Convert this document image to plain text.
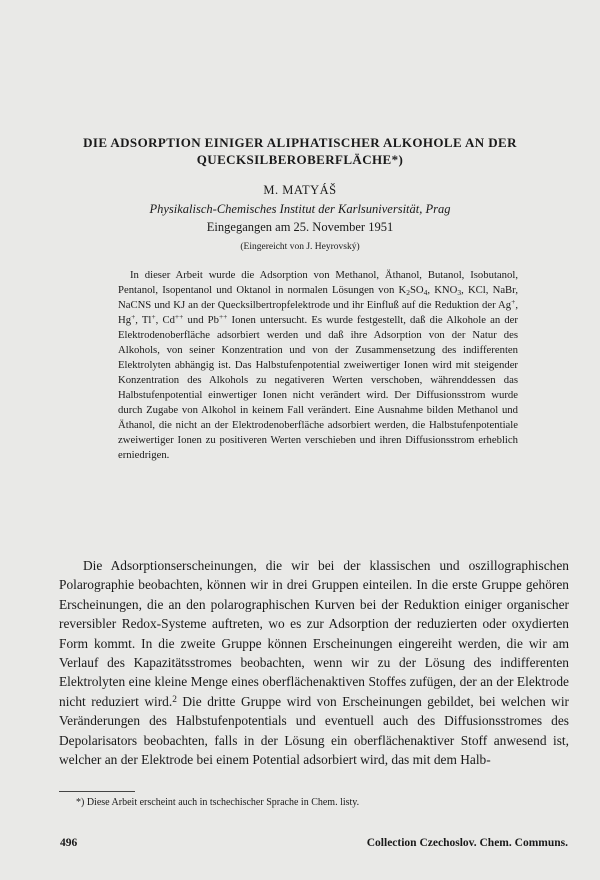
DIE ADSORPTION EINIGER ALIPHATISCHER ALKOHOLE AN DER QUECKSILBEROBERFLÄCHE*)
M. MATYÁŠ
Physikalisch-Chemisches Institut der Karlsuniversität, Prag
Eingegangen am 25. November 1951
(Eingereicht von J. Heyrovský)

In dieser Arbeit wurde die Adsorption von Methanol, Äthanol, Butanol, Isobutanol, Pentanol, Isopentanol und Oktanol in normalen Lösungen von $K_2SO_4$, $KNO_3$, KCl, NaBr, NaCNS und KJ an der Quecksilbertropfelektrode und ihr Einfluß auf die Reduktion der Ag+, Hg+, Tl+, Cd++ und Pb++ Ionen untersucht. Es wurde festgestellt, daß die Alkohole an der Elektrodenoberfläche adsorbiert werden und daß ihre Adsorption von der Natur des Alkohols, von seiner Konzentration und von der Zusammensetzung des indifferenten Elektrolyten abhängig ist. Das Halbstufenpotential zweiwertiger Ionen wird mit steigender Konzentration des Alkohols zu negativeren Werten verschoben, währenddessen das Halbstufenpotential einwertiger Ionen nicht verändert wird. Der Diffusionsstrom wurde durch Zugabe von Alkohol in keinem Fall verändert. Eine Ausnahme bilden Methanol und Äthanol, die nicht an der Elektrodenoberfläche adsorbiert werden, die Halbstufenpotentiale zweiwertiger Ionen zu positiveren Werten verschieben und ihren Diffusionsstrom erheblich erniedrigen.

Die Adsorptionserscheinungen, die wir bei der klassischen und oszillographischen Polarographie beobachten, können wir in drei Gruppen einteilen. In die erste Gruppe gehören Erscheinungen, die an den polarographischen Kurven bei der Reduktion einiger organischer reversibler Redox-Systeme auftreten, wo es zur Adsorption der reduzierten oder oxydierten Form kommt. In die zweite Gruppe können Erscheinungen eingereiht werden, die wir am Verlauf des Kapazitätsstromes beobachten, wenn wir zu der Lösung des indifferenten Elektrolyten eine kleine Menge eines oberflächenaktiven Stoffes zufügen, der an der Elektrode nicht reduziert wird.$^2$ Die dritte Gruppe wird von Erscheinungen gebildet, bei welchen wir Veränderungen des Halbstufenpotentials und eventuell auch des Diffusionsstromes des Depolarisators beobachten, falls in der Lösung ein oberflächenaktiver Stoff anwesend ist, welcher an der Elektrode bei einem Potential adsorbiert wird, das mit dem Halb-

*) Diese Arbeit erscheint auch in tschechischer Sprache in Chem. listy.
496	Collection Czechoslov. Chem. Communs.
